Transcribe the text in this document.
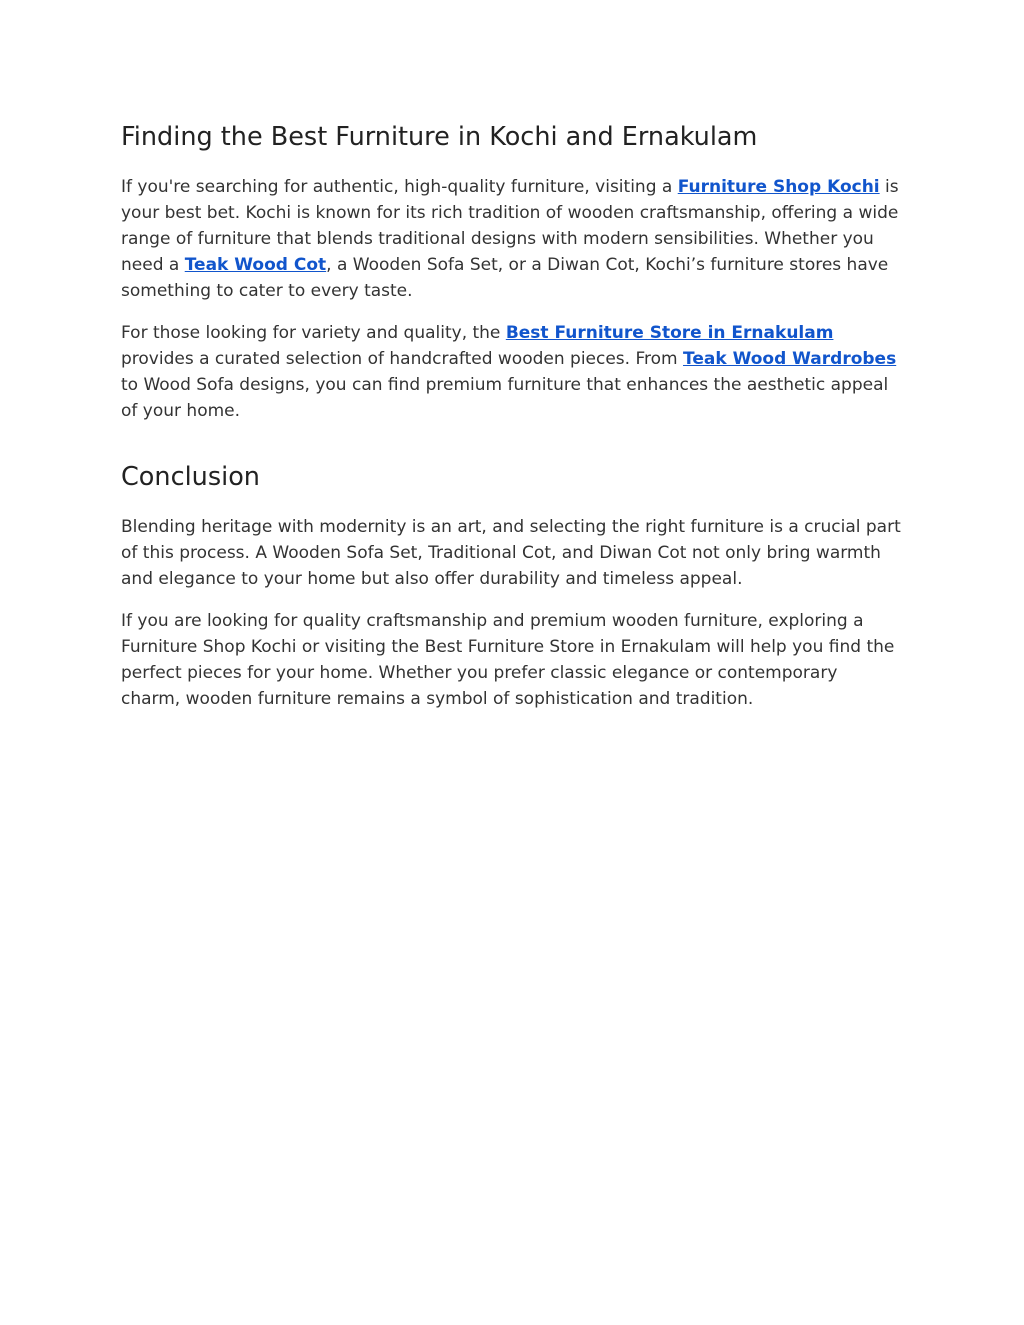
Finding the Best Furniture in Kochi and Ernakulam

If you're searching for authentic, high-quality furniture, visiting a Furniture Shop Kochi is your best bet. Kochi is known for its rich tradition of wooden craftsmanship, offering a wide range of furniture that blends traditional designs with modern sensibilities. Whether you need a Teak Wood Cot, a Wooden Sofa Set, or a Diwan Cot, Kochi’s furniture stores have something to cater to every taste.

For those looking for variety and quality, the Best Furniture Store in Ernakulam provides a curated selection of handcrafted wooden pieces. From Teak Wood Wardrobes to Wood Sofa designs, you can find premium furniture that enhances the aesthetic appeal of your home.

Conclusion

Blending heritage with modernity is an art, and selecting the right furniture is a crucial part of this process. A Wooden Sofa Set, Traditional Cot, and Diwan Cot not only bring warmth and elegance to your home but also offer durability and timeless appeal.

If you are looking for quality craftsmanship and premium wooden furniture, exploring a Furniture Shop Kochi or visiting the Best Furniture Store in Ernakulam will help you find the perfect pieces for your home. Whether you prefer classic elegance or contemporary charm, wooden furniture remains a symbol of sophistication and tradition.
